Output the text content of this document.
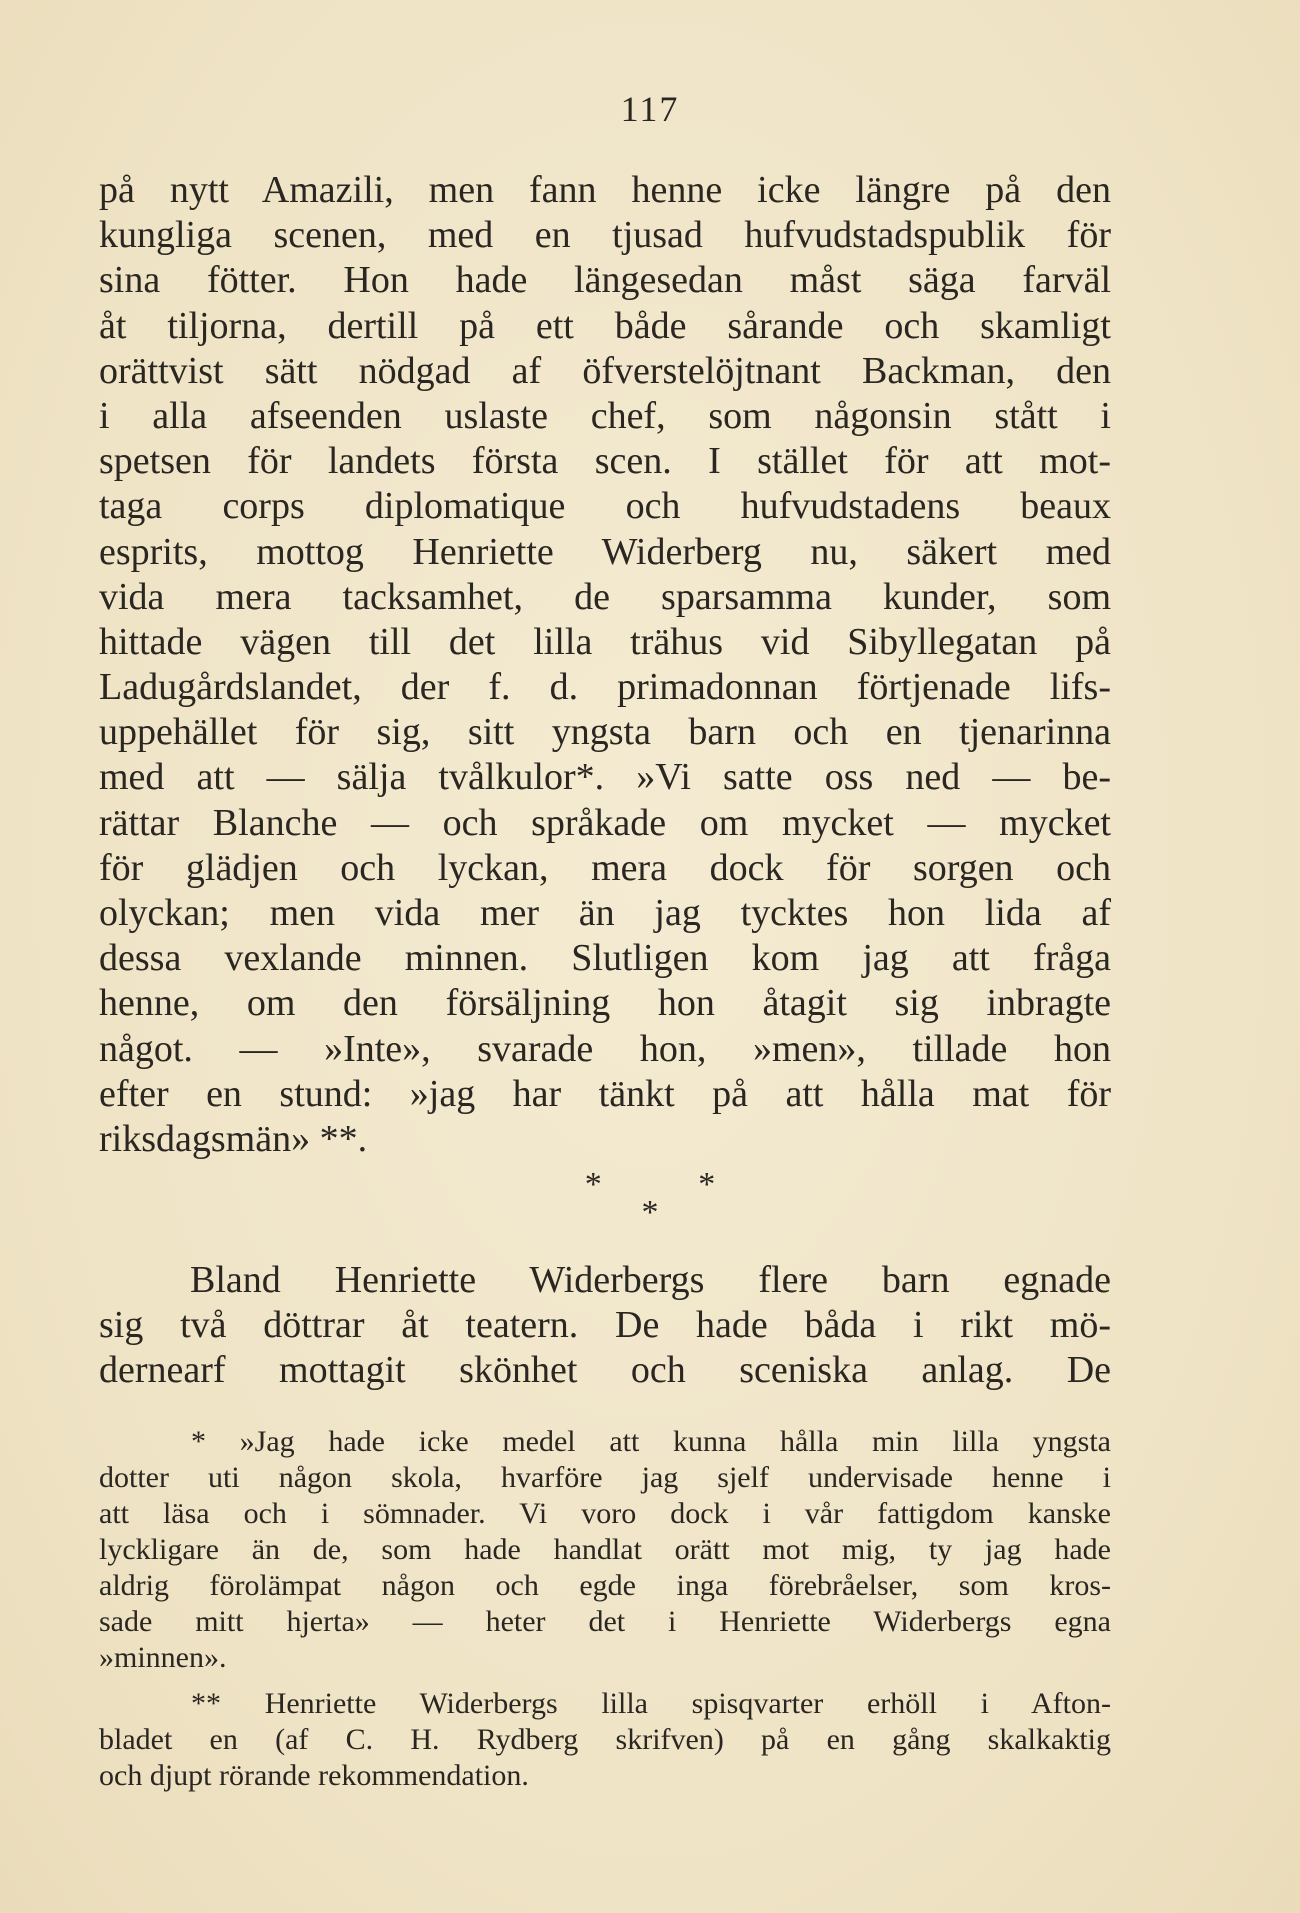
117
på nytt Amazili, men fann henne icke längre på den
kungliga scenen, med en tjusad hufvudstadspublik för
sina fötter. Hon hade längesedan måst säga farväl
åt tiljorna, dertill på ett både sårande och skamligt
orättvist sätt nödgad af öfverstelöjtnant Backman, den
i alla afseenden uslaste chef, som någonsin stått i
spetsen för landets första scen. I stället för att mot-
taga corps diplomatique och hufvudstadens beaux
esprits, mottog Henriette Widerberg nu, säkert med
vida mera tacksamhet, de sparsamma kunder, som
hittade vägen till det lilla trähus vid Sibyllegatan på
Ladugårdslandet, der f. d. primadonnan förtjenade lifs-
uppehället för sig, sitt yngsta barn och en tjenarinna
med att — sälja tvålkulor*. »Vi satte oss ned — be-
rättar Blanche — och språkade om mycket — mycket
för glädjen och lyckan, mera dock för sorgen och
olyckan; men vida mer än jag tycktes hon lida af
dessa vexlande minnen. Slutligen kom jag att fråga
henne, om den försäljning hon åtagit sig inbragte
något. — »Inte», svarade hon, »men», tillade hon
efter en stund: »jag har tänkt på att hålla mat för
riksdagsmän» **.
* *
*
Bland Henriette Widerbergs flere barn egnade
sig två döttrar åt teatern. De hade båda i rikt mö-
dernearf mottagit skönhet och sceniska anlag. De
* »Jag hade icke medel att kunna hålla min lilla yngsta
dotter uti någon skola, hvarföre jag sjelf undervisade henne i
att läsa och i sömnader. Vi voro dock i vår fattigdom kanske
lyckligare än de, som hade handlat orätt mot mig, ty jag hade
aldrig förolämpat någon och egde inga förebråelser, som kros-
sade mitt hjerta» — heter det i Henriette Widerbergs egna
»minnen».
** Henriette Widerbergs lilla spisqvarter erhöll i Afton-
bladet en (af C. H. Rydberg skrifven) på en gång skalkaktig
och djupt rörande rekommendation.
